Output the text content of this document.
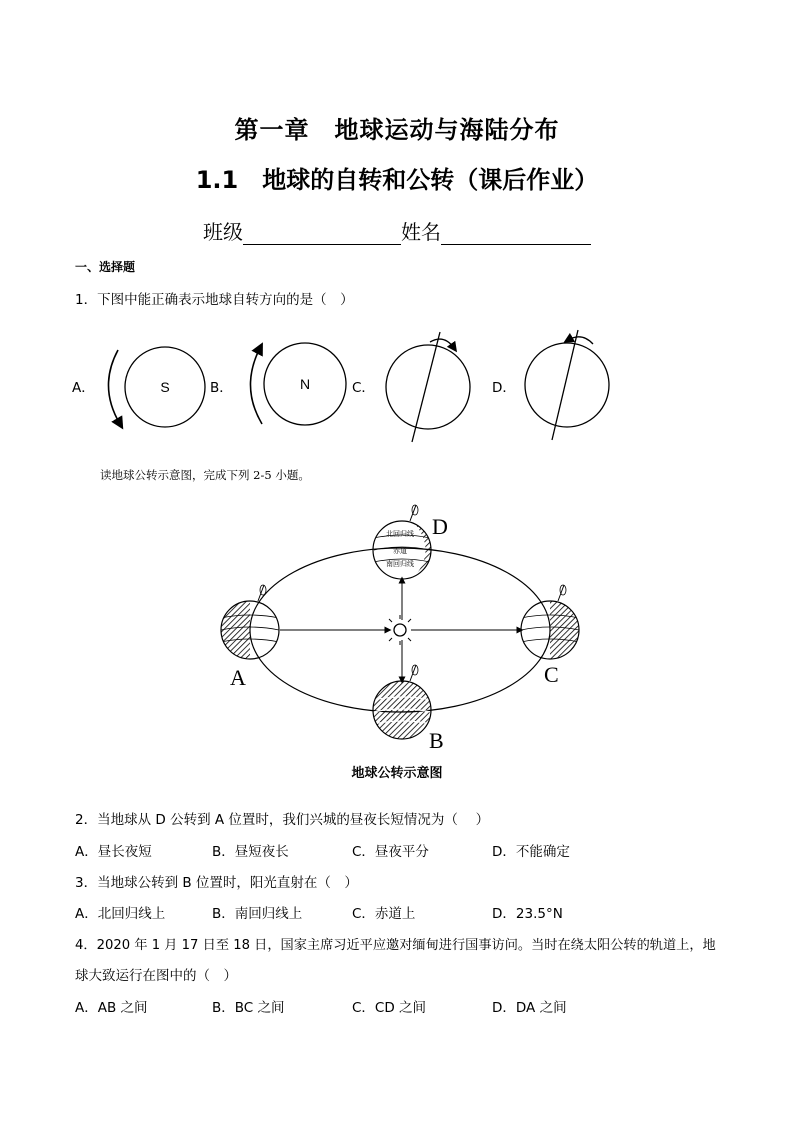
第一章　地球运动与海陆分布
1.1　地球的自转和公转（课后作业）
班级	姓名
一、选择题
1．下图中能正确表示地球自转方向的是（　）
A．	B．	C．	D．
S	N
读地球公转示意图，完成下列 2-5 小题。
北回归线
赤道
南回归线
A
B
C
D
地球公转示意图
2．当地球从 D 公转到 A 位置时，我们兴城的昼夜长短情况为（　 ）
A．昼长夜短	B．昼短夜长	C．昼夜平分	D．不能确定
3．当地球公转到 B 位置时，阳光直射在（　）
A．北回归线上	B．南回归线上	C．赤道上	D．23.5°N
4．2020 年 1 月 17 日至 18 日，国家主席习近平应邀对缅甸进行国事访问。当时在绕太阳公转的轨道上，地
球大致运行在图中的（　）
A．AB 之间	B．BC 之间	C．CD 之间	D．DA 之间
